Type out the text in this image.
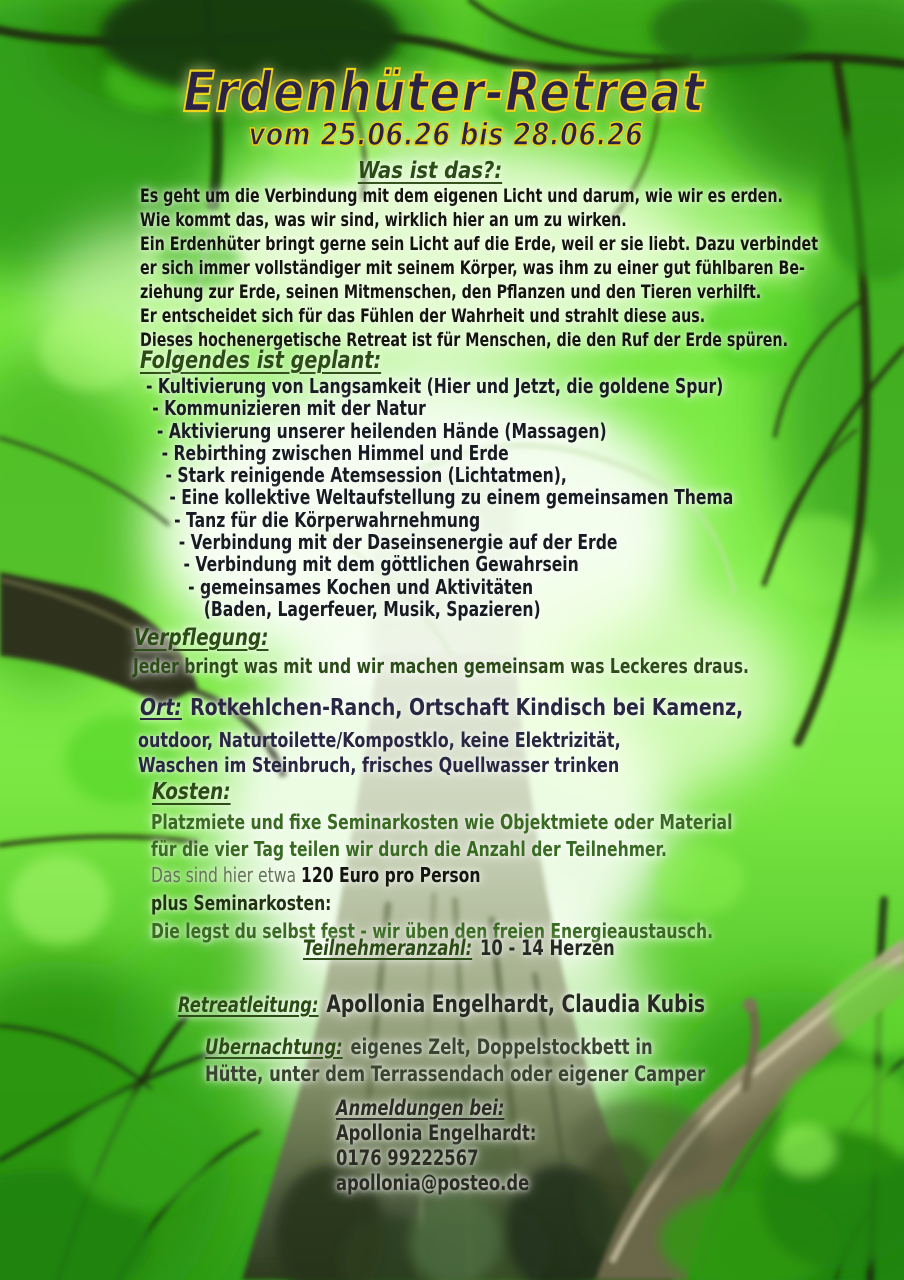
Erdenhüter-Retreat
vom 25.06.26 bis 28.06.26
Was ist das?:
Es geht um die Verbindung mit dem eigenen Licht und darum, wie wir es erden.
Wie kommt das, was wir sind, wirklich hier an um zu wirken.
Ein Erdenhüter bringt gerne sein Licht auf die Erde, weil er sie liebt. Dazu verbindet
er sich immer vollständiger mit seinem Körper, was ihm zu einer gut fühlbaren Be-
ziehung zur Erde, seinen Mitmenschen, den Pflanzen und den Tieren verhilft.
Er entscheidet sich für das Fühlen der Wahrheit und strahlt diese aus.
Dieses hochenergetische Retreat ist für Menschen, die den Ruf der Erde spüren.
Folgendes ist geplant:
- Kultivierung von Langsamkeit (Hier und Jetzt, die goldene Spur)
- Kommunizieren mit der Natur
- Aktivierung unserer heilenden Hände (Massagen)
- Rebirthing zwischen Himmel und Erde
- Stark reinigende Atemsession (Lichtatmen),
- Eine kollektive Weltaufstellung zu einem gemeinsamen Thema
- Tanz für die Körperwahrnehmung
- Verbindung mit der Daseinsenergie auf der Erde
- Verbindung mit dem göttlichen Gewahrsein
- gemeinsames Kochen und Aktivitäten
(Baden, Lagerfeuer, Musik, Spazieren)
Verpflegung:
Jeder bringt was mit und wir machen gemeinsam was Leckeres draus.
Ort: Rotkehlchen-Ranch, Ortschaft Kindisch bei Kamenz,
outdoor, Naturtoilette/Kompostklo, keine Elektrizität,
Waschen im Steinbruch, frisches Quellwasser trinken
Kosten:
Platzmiete und fixe Seminarkosten wie Objektmiete oder Material
für die vier Tag teilen wir durch die Anzahl der Teilnehmer.
Das sind hier etwa 120 Euro pro Person
plus Seminarkosten:
Die legst du selbst fest - wir üben den freien Energieaustausch.
Teilnehmeranzahl: 10 - 14 Herzen
Retreatleitung: Apollonia Engelhardt, Claudia Kubis
Ubernachtung: eigenes Zelt, Doppelstockbett in
Hütte, unter dem Terrassendach oder eigener Camper
Anmeldungen bei:
Apollonia Engelhardt:
0176 99222567
apollonia@posteo.de
